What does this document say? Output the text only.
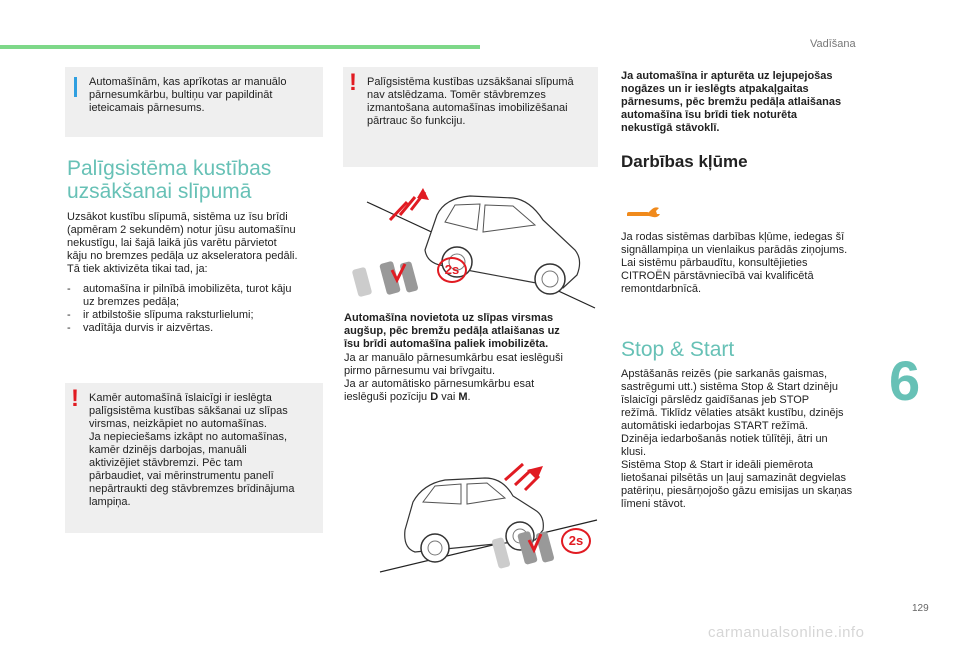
Vadīšana
Automašīnām, kas aprīkotas ar manuālo
pārnesumkārbu, bultiņu var papildināt
ieteicamais pārnesums.
Palīgsistēma kustības
uzsākšanai slīpumā
Uzsākot kustību slīpumā, sistēma uz īsu brīdi
(apmēram 2 sekundēm) notur jūsu automašīnu
nekustīgu, lai šajā laikā jūs varētu pārvietot
kāju no bremzes pedāļa uz akseleratora pedāli.
Tā tiek aktivizēta tikai tad, ja:
- automašīna ir pilnībā imobilizēta, turot kāju
uz bremzes pedāļa;
- ir atbilstošie slīpuma raksturlielumi;
- vadītāja durvis ir aizvērtas.
! Kamēr automašīnā īslaicīgi ir ieslēgta
palīgsistēma kustības sākšanai uz slīpas
virsmas, neizkāpiet no automašīnas.
Ja nepieciešams izkāpt no automašīnas,
kamēr dzinējs darbojas, manuāli
aktivizējiet stāvbremzi. Pēc tam
pārbaudiet, vai mērinstrumentu panelī
nepārtraukti deg stāvbremzes brīdinājuma
lampiņa.
! Palīgsistēma kustības uzsākšanai slīpumā
nav atslēdzama. Tomēr stāvbremzes
izmantošana automašīnas imobilizēšanai
pārtrauc šo funkciju.
2s
Automašīna novietota uz slīpas virsmas
augšup, pēc bremžu pedāļa atlaišanas uz
īsu brīdi automašīna paliek imobilizēta.
Ja ar manuālo pārnesumkārbu esat ieslēguši
pirmo pārnesumu vai brīvgaitu.
Ja ar automātisko pārnesumkārbu esat
ieslēguši pozīciju D vai M.
2s
Ja automašīna ir apturēta uz lejupejošas
nogāzes un ir ieslēgts atpakaļgaitas
pārnesums, pēc bremžu pedāļa atlaišanas
automašīna īsu brīdi tiek noturēta
nekustīgā stāvoklī.
Darbības kļūme
Ja rodas sistēmas darbības kļūme, iedegas šī
signāllampiņa un vienlaikus parādās ziņojums.
Lai sistēmu pārbaudītu, konsultējieties
CITROËN pārstāvniecībā vai kvalificētā
remontdarbnīcā.
Stop & Start
Apstāšanās reizēs (pie sarkanās gaismas,
sastrēgumi utt.) sistēma Stop & Start dzinēju
īslaicīgi pārslēdz gaidīšanas jeb STOP
režīmā. Tiklīdz vēlaties atsākt kustību, dzinējs
automātiski iedarbojas START režīmā.
Dzinēja iedarbošanās notiek tūlītēji, ātri un
klusi.
Sistēma Stop & Start ir ideāli piemērota
lietošanai pilsētās un ļauj samazināt degvielas
patēriņu, piesārņojošo gāzu emisijas un skaņas
līmeni stāvot.
6
129
carmanualsonline.info
